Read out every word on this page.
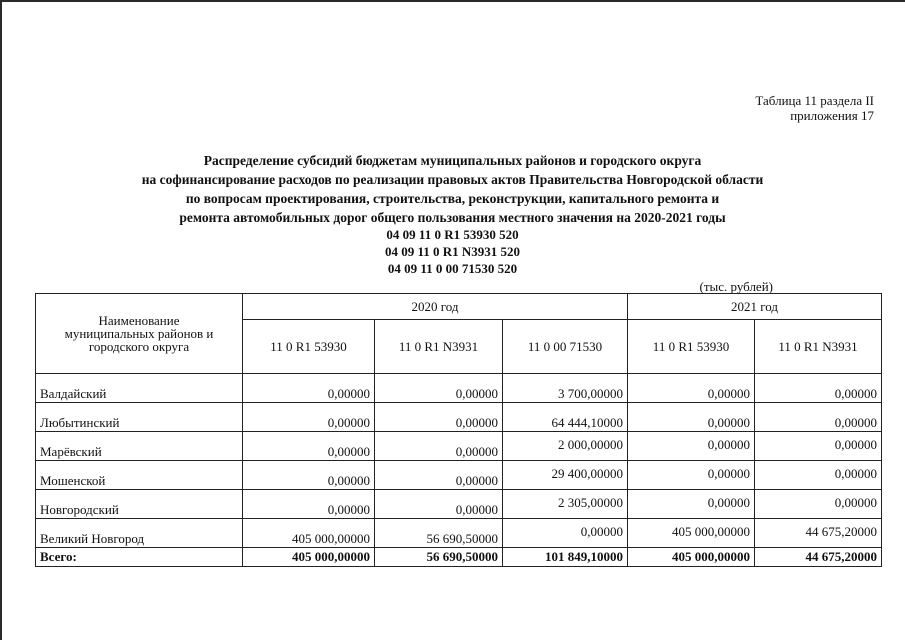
Таблица 11 раздела II
приложения 17
Распределение субсидий бюджетам муниципальных районов и городского округа
на софинансирование расходов по реализации правовых актов Правительства Новгородской области
по вопросам проектирования, строительства, реконструкции, капитального ремонта и
ремонта автомобильных дорог общего пользования местного значения на 2020-2021 годы
04 09 11 0 R1 53930 520
04 09 11 0 R1 N3931 520
04 09 11 0 00 71530 520
(тыс. рублей)
Наименование
муниципальных районов и
городского округа	2020 год			2021 год	
	11 0 R1 53930	11 0 R1 N3931	11 0 00 71530	11 0 R1 53930	11 0 R1 N3931
Валдайский	0,00000	0,00000	3 700,00000	0,00000	0,00000
Любытинский	0,00000	0,00000	64 444,10000	0,00000	0,00000
Марёвский	0,00000	0,00000	2 000,00000	0,00000	0,00000
Мошенской	0,00000	0,00000	29 400,00000	0,00000	0,00000
Новгородский	0,00000	0,00000	2 305,00000	0,00000	0,00000
Великий Новгород	405 000,00000	56 690,50000	0,00000	405 000,00000	44 675,20000
Всего:	405 000,00000	56 690,50000	101 849,10000	405 000,00000	44 675,20000
